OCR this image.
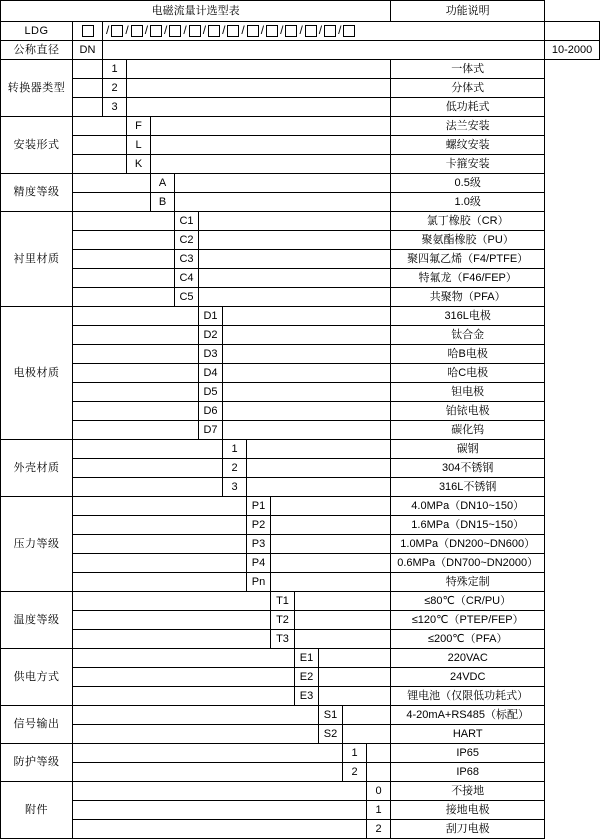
电磁流量计选型表														功能说明	
LDG		/ / / / / / / / / / / / /

公称直径	DN														10-2000
转换器类型		1												一体式	
		2												分体式	
		3												低功耗式	
安装形式			F											法兰安装	
			L											螺纹安装	
			K											卡箍安装	
精度等级				A										0.5级	
				B										1.0级	
衬里材质					C1									氯丁橡胶（CR）	
					C2									聚氨酯橡胶（PU）	
					C3									聚四氟乙烯（F4/PTFE）	
					C4									特氟龙（F46/FEP）	
					C5									共聚物（PFA）	
电极材质						D1								316L电极	
						D2								钛合金	
						D3								哈B电极	
						D4								哈C电极	
						D5								钽电极	
						D6								铂铱电极	
						D7								碳化钨	
外壳材质							1							碳钢	
							2							304不锈钢	
							3							316L不锈钢	
压力等级								P1						4.0MPa（DN10~150）	
								P2						1.6MPa（DN15~150）	
								P3						1.0MPa（DN200~DN600）	
								P4						0.6MPa（DN700~DN2000）	
								Pn						特殊定制	
温度等级									T1					≤80℃（CR/PU）	
									T2					≤120℃（PTEP/FEP）	
									T3					≤200℃（PFA）	
供电方式										E1				220VAC	
										E2				24VDC	
										E3				锂电池（仅限低功耗式）	
信号输出											S1			4-20mA+RS485（标配）	
											S2			HART	
防护等级												1		IP65	
												2		IP68	
附件													0	不接地	
													1	接地电极	
													2	刮刀电极	
